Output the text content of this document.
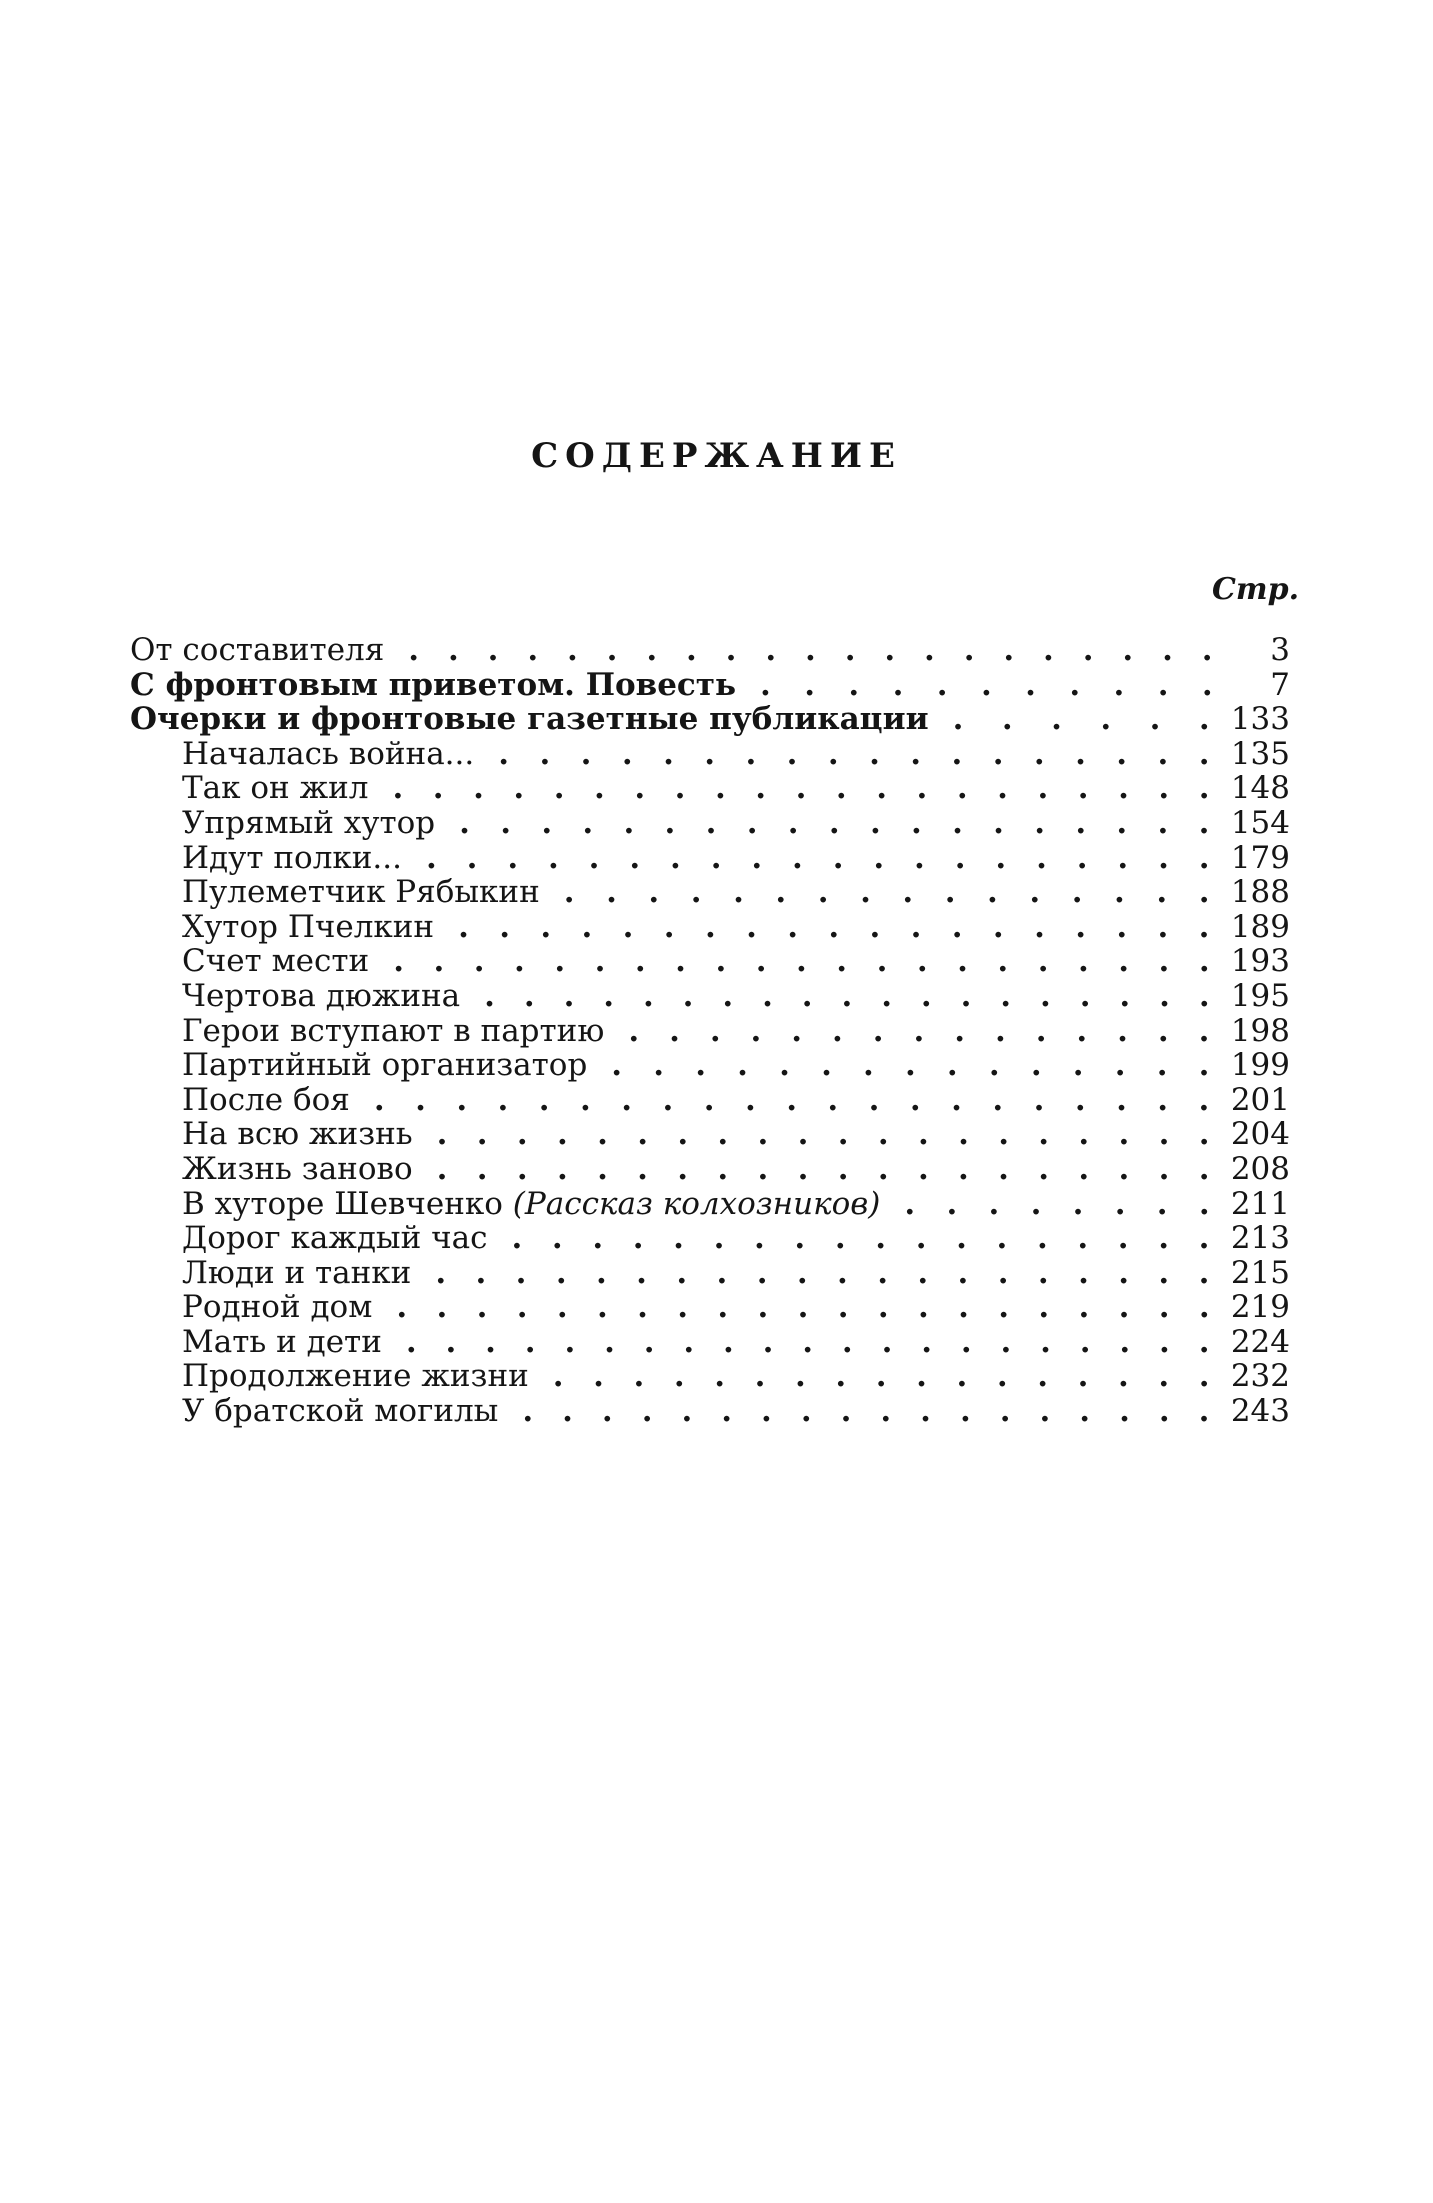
СОДЕРЖАНИЕ
Стр.
От составителя . . . . . . . . . . . . . . . . . . . . .	3
С фронтовым приветом. Повесть . . . . . . . . . . .	7
Очерки и фронтовые газетные публикации . . . . . . 133
Началась война... . . . . . . . . . . . . . . . . . . 135
Так он жил . . . . . . . . . . . . . . . . . . . . . 148
Упрямый хутор . . . . . . . . . . . . . . . . . . . 154
Идут полки... . . . . . . . . . . . . . . . . . . . . 179
Пулеметчик Рябыкин . . . . . . . . . . . . . . . . 188
Хутор Пчелкин . . . . . . . . . . . . . . . . . . . 189
Счет мести . . . . . . . . . . . . . . . . . . . . . 193
Чертова дюжина . . . . . . . . . . . . . . . . . . . 195
Герои вступают в партию . . . . . . . . . . . . . . . 198
Партийный организатор . . . . . . . . . . . . . . . 199
После боя . . . . . . . . . . . . . . . . . . . . . 201
На всю жизнь . . . . . . . . . . . . . . . . . . . . 204
Жизнь заново . . . . . . . . . . . . . . . . . . . . 208
В хуторе Шевченко (Рассказ колхозников) . . . . . . . . 211
Дорог каждый час . . . . . . . . . . . . . . . . . . 213
Люди и танки . . . . . . . . . . . . . . . . . . . . 215
Родной дом . . . . . . . . . . . . . . . . . . . . . 219
Мать и дети . . . . . . . . . . . . . . . . . . . . . 224
Продолжение жизни . . . . . . . . . . . . . . . . . 232
У братской могилы . . . . . . . . . . . . . . . . . . 243
